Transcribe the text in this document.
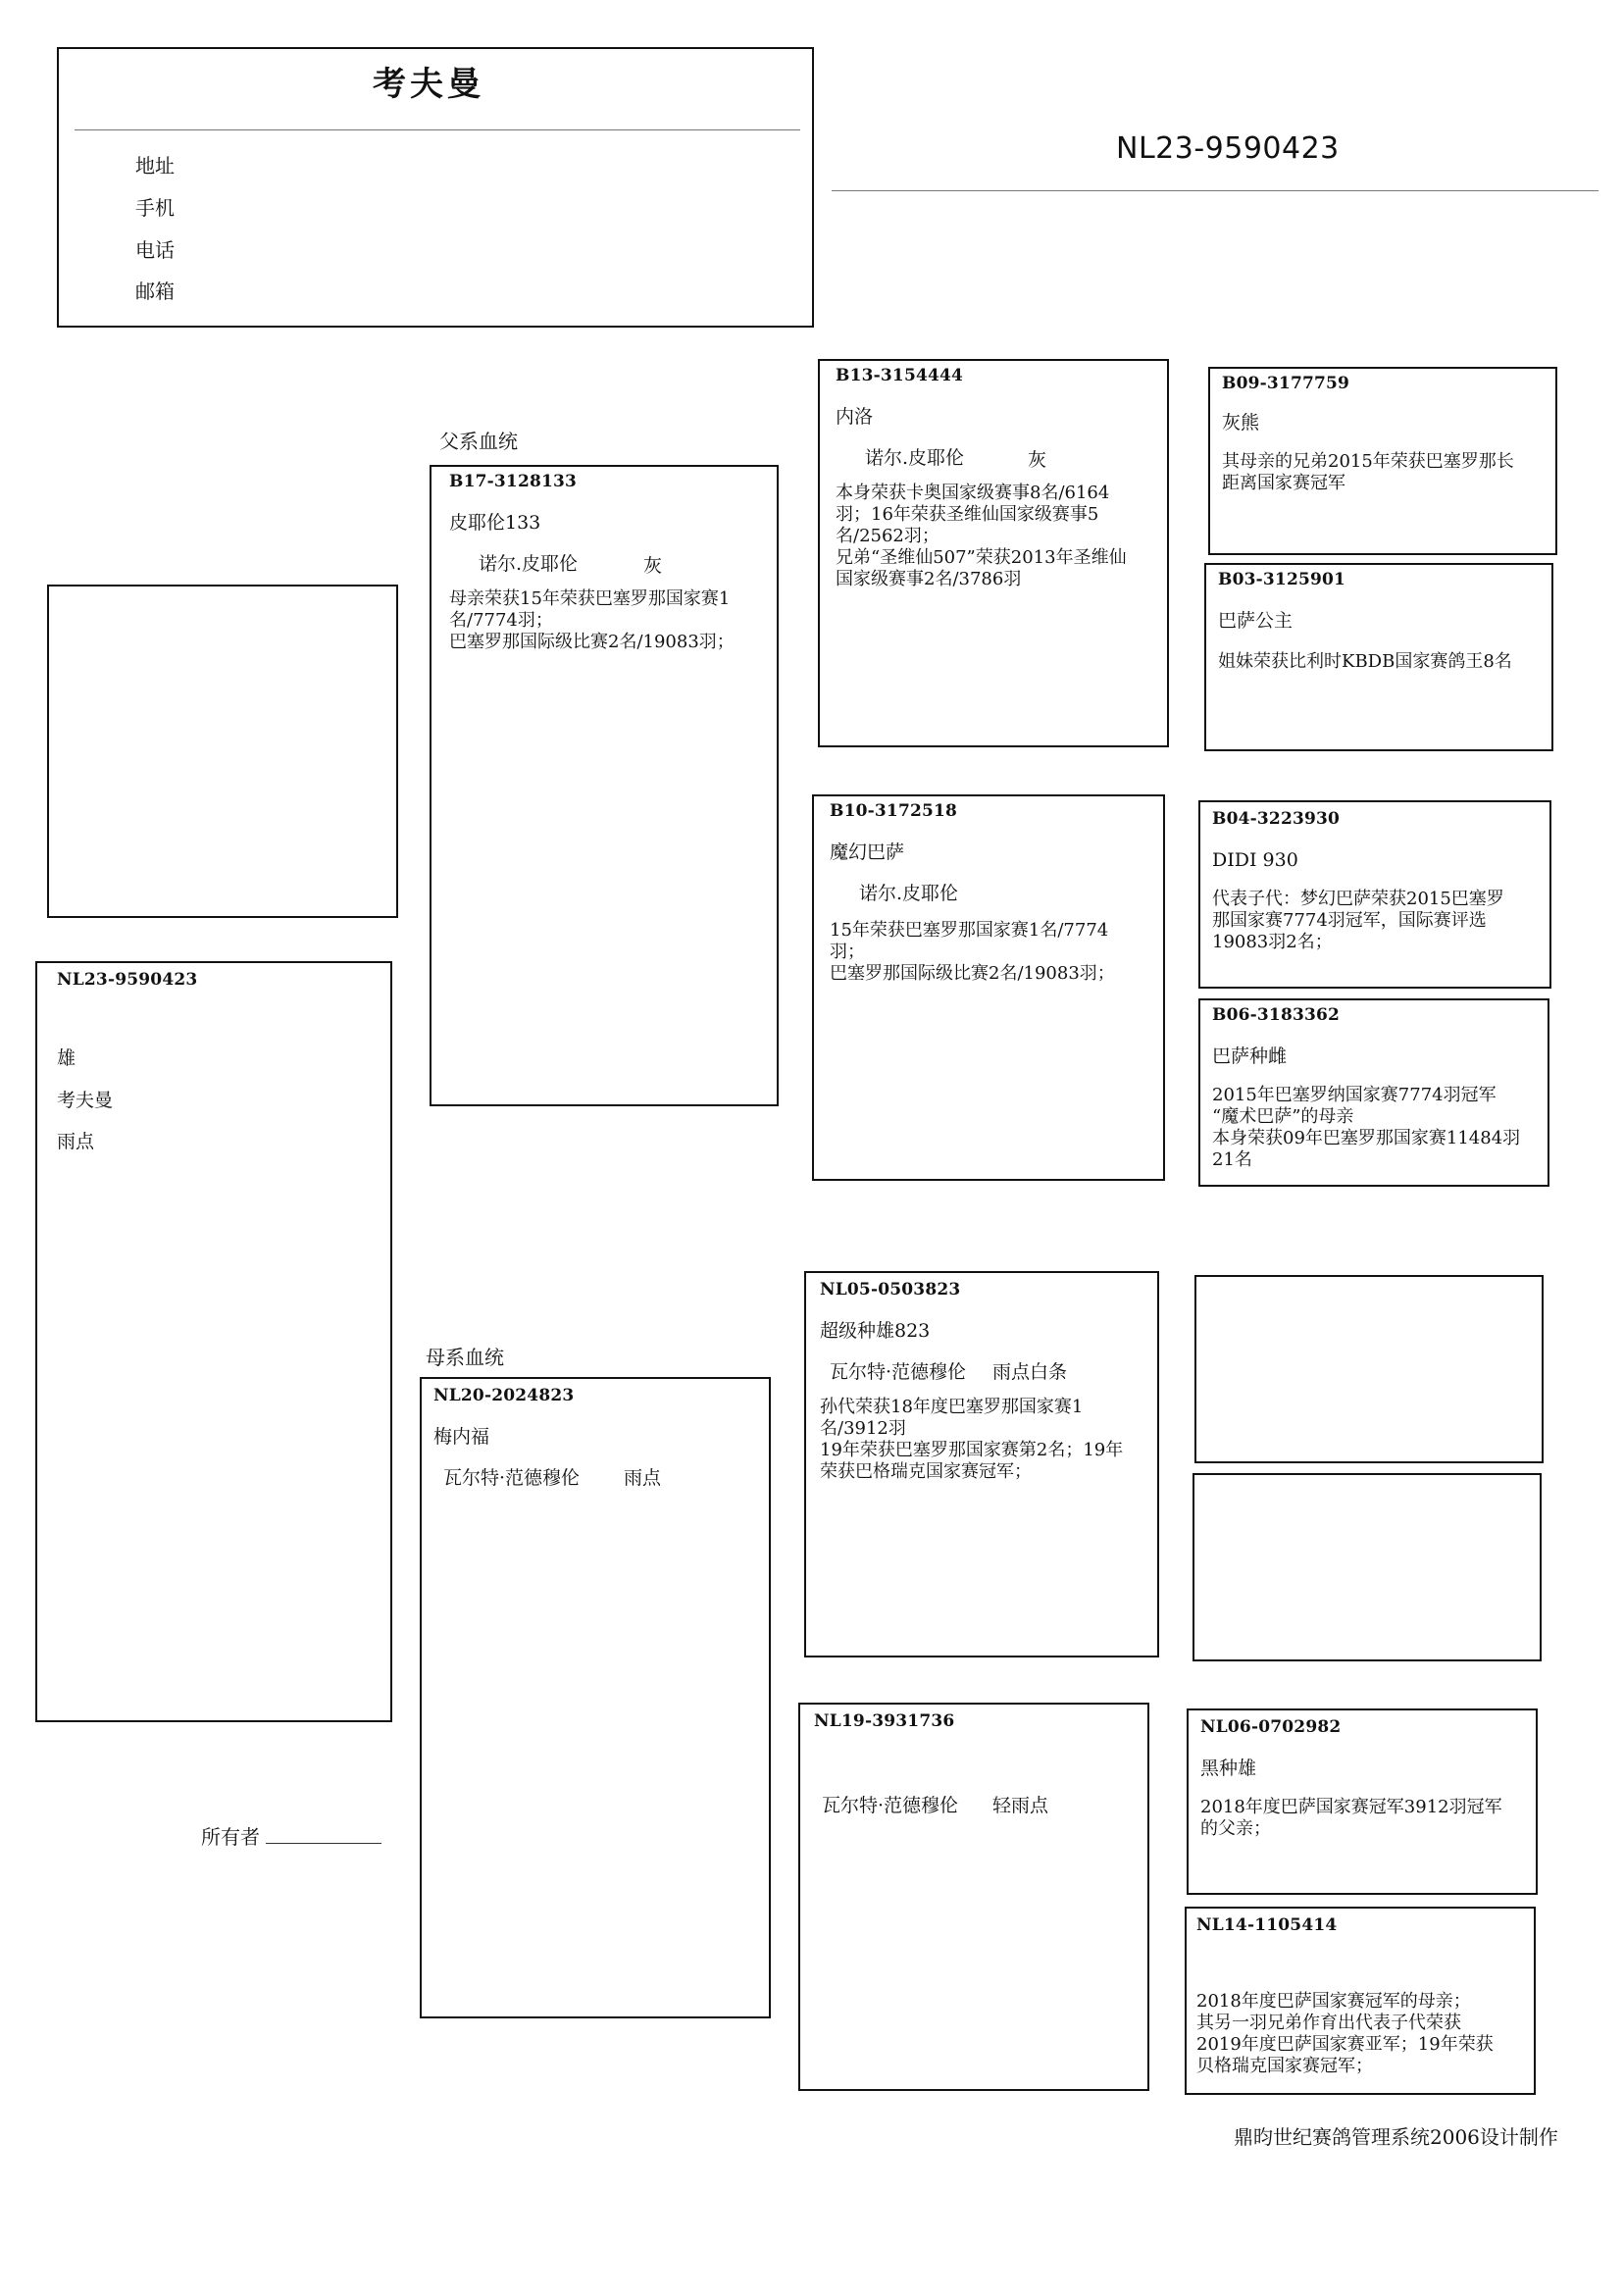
考夫曼
地址
手机
电话
邮箱
NL23-9590423
NL23-9590423
雄
考夫曼
雨点
父系血统
母系血统
B17-3128133
皮耶伦133
诺尔.皮耶伦	灰
母亲荣获15年荣获巴塞罗那国家赛1
名/7774羽；
巴塞罗那国际级比赛2名/19083羽；
B13-3154444
内洛
诺尔.皮耶伦	灰
本身荣获卡奥国家级赛事8名/6164
羽；16年荣获圣维仙国家级赛事5
名/2562羽；
兄弟“圣维仙507”荣获2013年圣维仙
国家级赛事2名/3786羽
B10-3172518
魔幻巴萨
诺尔.皮耶伦
15年荣获巴塞罗那国家赛1名/7774
羽；
巴塞罗那国际级比赛2名/19083羽；
B09-3177759
灰熊
其母亲的兄弟2015年荣获巴塞罗那长
距离国家赛冠军
B03-3125901
巴萨公主
姐妹荣获比利时KBDB国家赛鸽王8名
B04-3223930
DIDI 930
代表子代：梦幻巴萨荣获2015巴塞罗
那国家赛7774羽冠军，国际赛评选
19083羽2名；
B06-3183362
巴萨种雌
2015年巴塞罗纳国家赛7774羽冠军
“魔术巴萨”的母亲
本身荣获09年巴塞罗那国家赛11484羽
21名
NL20-2024823
梅内福
瓦尔特·范德穆伦 雨点
NL05-0503823
超级种雄823
瓦尔特·范德穆伦 雨点白条
孙代荣获18年度巴塞罗那国家赛1
名/3912羽
19年荣获巴塞罗那国家赛第2名；19年
荣获巴格瑞克国家赛冠军；
NL19-3931736
瓦尔特·范德穆伦 轻雨点
NL06-0702982
黑种雄
2018年度巴萨国家赛冠军3912羽冠军
的父亲；
NL14-1105414
2018年度巴萨国家赛冠军的母亲；
其另一羽兄弟作育出代表子代荣获
2019年度巴萨国家赛亚军；19年荣获
贝格瑞克国家赛冠军；
所有者
鼎昀世纪赛鸽管理系统2006设计制作
